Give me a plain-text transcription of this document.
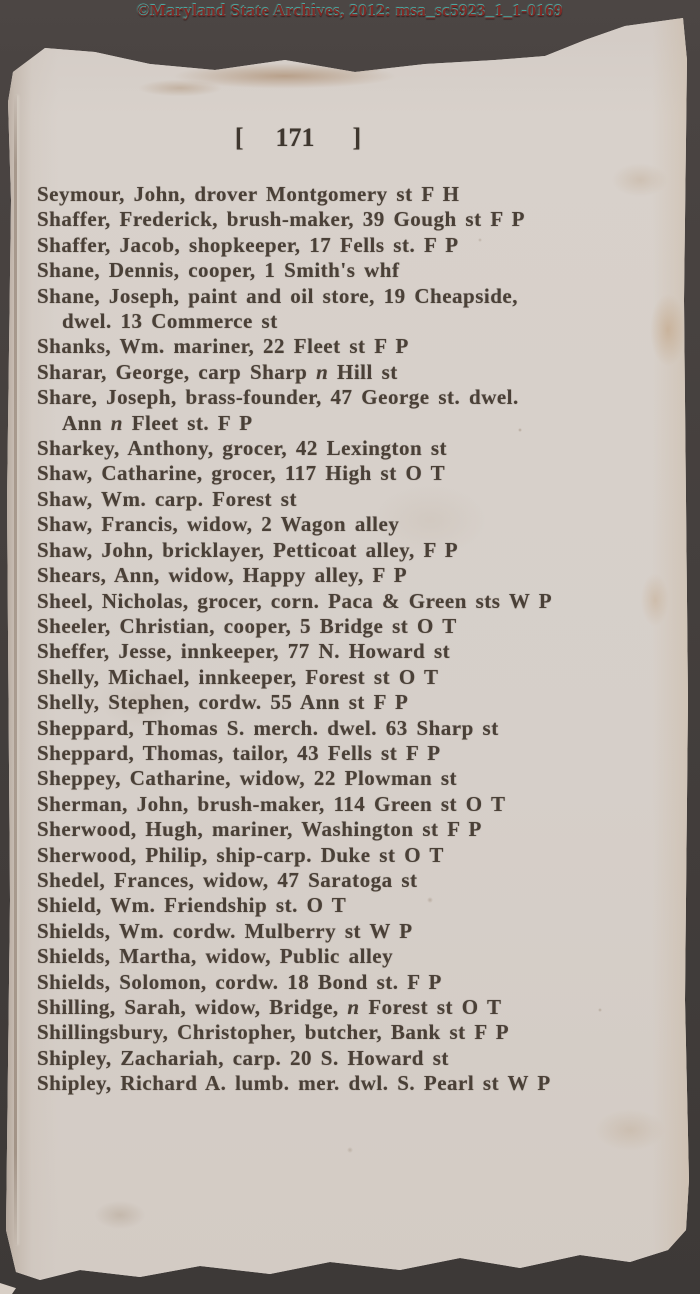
©Maryland State Archives, 2012: msa_sc5923_1_1-0169
[ 171 ]
Seymour, John, drover Montgomery st F H
Shaffer, Frederick, brush-maker, 39 Gough st F P
Shaffer, Jacob, shopkeeper, 17 Fells st. F P
Shane, Dennis, cooper, 1 Smith's whf
Shane, Joseph, paint and oil store, 19 Cheapside,
dwel. 13 Commerce st
Shanks, Wm. mariner, 22 Fleet st F P
Sharar, George, carp Sharp n Hill st
Share, Joseph, brass-founder, 47 George st. dwel.
Ann n Fleet st. F P
Sharkey, Anthony, grocer, 42 Lexington st
Shaw, Catharine, grocer, 117 High st O T
Shaw, Wm. carp. Forest st
Shaw, Francis, widow, 2 Wagon alley
Shaw, John, bricklayer, Petticoat alley, F P
Shears, Ann, widow, Happy alley, F P
Sheel, Nicholas, grocer, corn. Paca & Green sts W P
Sheeler, Christian, cooper, 5 Bridge st O T
Sheffer, Jesse, innkeeper, 77 N. Howard st
Shelly, Michael, innkeeper, Forest st O T
Shelly, Stephen, cordw. 55 Ann st F P
Sheppard, Thomas S. merch. dwel. 63 Sharp st
Sheppard, Thomas, tailor, 43 Fells st F P
Sheppey, Catharine, widow, 22 Plowman st
Sherman, John, brush-maker, 114 Green st O T
Sherwood, Hugh, mariner, Washington st F P
Sherwood, Philip, ship-carp. Duke st O T
Shedel, Frances, widow, 47 Saratoga st
Shield, Wm. Friendship st. O T
Shields, Wm. cordw. Mulberry st W P
Shields, Martha, widow, Public alley
Shields, Solomon, cordw. 18 Bond st. F P
Shilling, Sarah, widow, Bridge, n Forest st O T
Shillingsbury, Christopher, butcher, Bank st F P
Shipley, Zachariah, carp. 20 S. Howard st
Shipley, Richard A. lumb. mer. dwl. S. Pearl st W P
